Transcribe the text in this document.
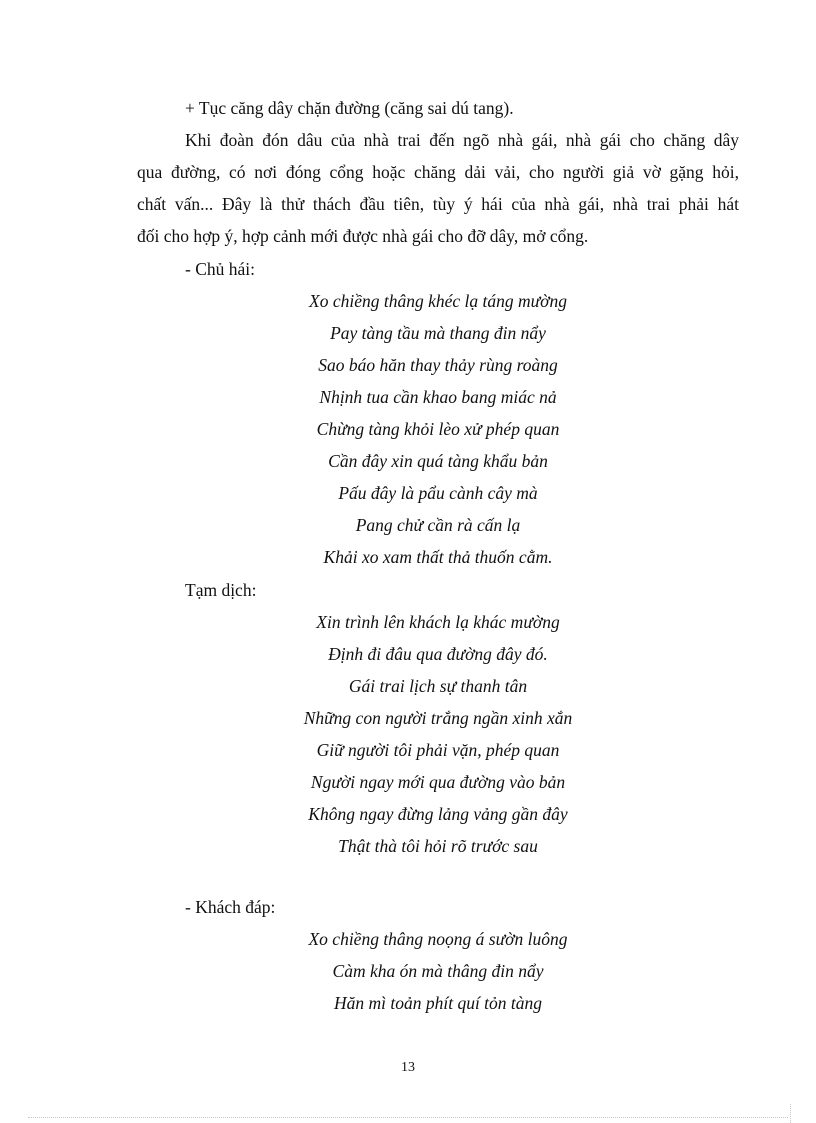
+ Tục căng dây chặn đường (căng sai dú tang).
Khi đoàn đón dâu của nhà trai đến ngõ nhà gái, nhà gái cho chăng dây
qua đường, có nơi đóng cổng hoặc chăng dải vải, cho người giả vờ gặng hỏi,
chất vấn... Đây là thử thách đầu tiên, tùy ý hái của nhà gái, nhà trai phải hát
đối cho hợp ý, hợp cảnh mới được nhà gái cho đỡ dây, mở cổng.
- Chủ hái:
Xo chiềng thâng khéc lạ táng mường
Pay tàng tầu mà thang đin nẩy
Sao báo hăn thay thảy rùng roàng
Nhịnh tua cần khao bang miác nả
Chừng tàng khỏi lèo xử phép quan
Cần đây xin quá tàng khẩu bản
Pấu đây là pẩu cành cây mà
Pang chử cần rà cấn lạ
Khải xo xam thất thả thuốn cằm.
Tạm dịch:
Xin trình lên khách lạ khác mường
Định đi đâu qua đường đây đó.
Gái trai lịch sự thanh tân
Những con người trắng ngần xinh xắn
Giữ người tôi phải vặn, phép quan
Người ngay mới qua đường vào bản
Không ngay đừng lảng vảng gần đây
Thật thà tôi hỏi rõ trước sau
- Khách đáp:
Xo chiềng thâng noọng á sườn luông
Càm kha ón mà thâng đin nẩy
Hăn mì toản phít quí tỏn tàng
13
